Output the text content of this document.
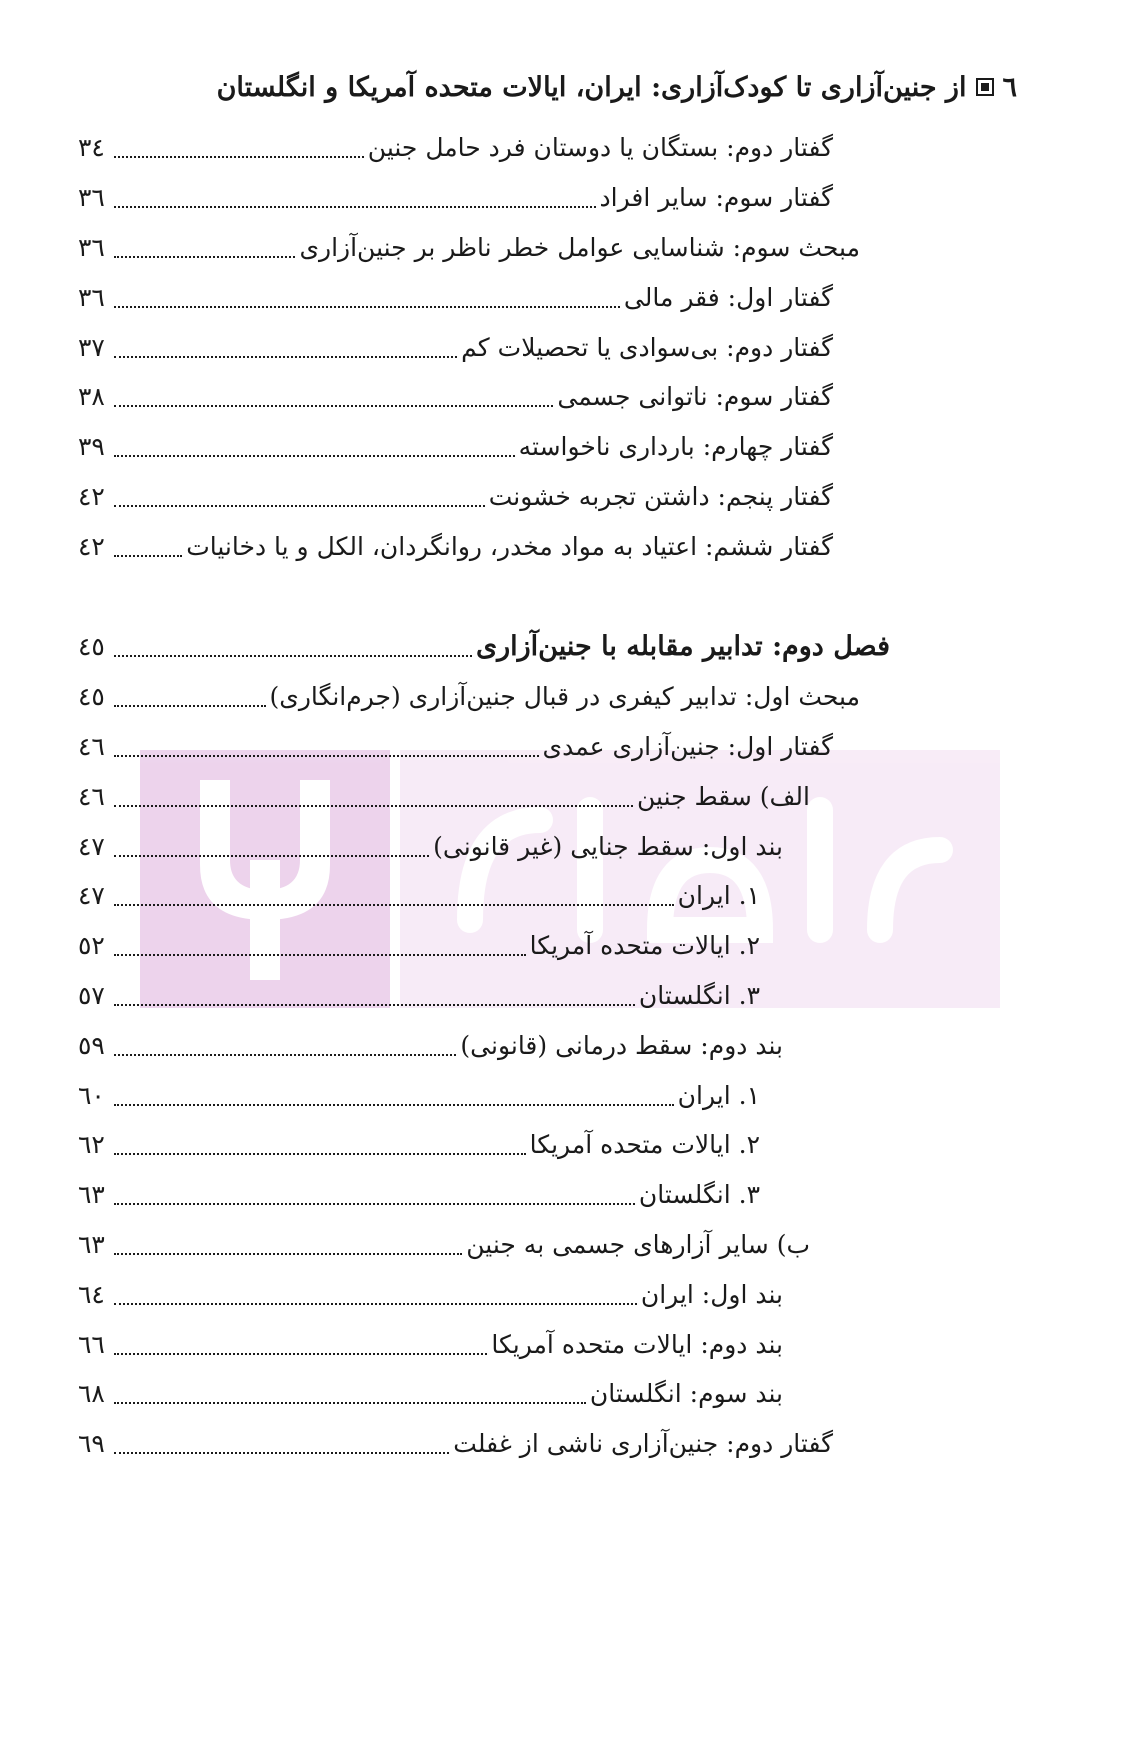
٦از جنین‌آزاری تا کودک‌آزاری: ایران، ایالات متحده آمریکا و انگلستان
گفتار دوم: بستگان یا دوستان فرد حامل جنین
٣٤
گفتار سوم: سایر افراد
٣٦
مبحث سوم: شناسایی عوامل خطر ناظر بر جنین‌آزاری
٣٦
گفتار اول: فقر مالی
٣٦
گفتار دوم: بی‌سوادی یا تحصیلات کم
٣٧
گفتار سوم: ناتوانی جسمی
٣٨
گفتار چهارم: بارداری ناخواسته
٣٩
گفتار پنجم: داشتن تجربه خشونت
٤٢
گفتار ششم: اعتیاد به مواد مخدر، روانگردان، الکل و یا دخانیات
٤٢
فصل دوم: تدابیر مقابله با جنین‌آزاری
٤٥
مبحث اول: تدابیر کیفری در قبال جنین‌آزاری (جرم‌انگاری)
٤٥
گفتار اول: جنین‌آزاری عمدی
٤٦
الف) سقط جنین
٤٦
بند اول: سقط جنایی (غیر قانونی)
٤٧
١. ایران
٤٧
٢. ایالات متحده آمریکا
٥٢
٣. انگلستان
٥٧
بند دوم: سقط درمانی (قانونی)
٥٩
١. ایران
٦٠
٢. ایالات متحده آمریکا
٦٢
٣. انگلستان
٦٣
ب) سایر آزارهای جسمی به جنین
٦٣
بند اول: ایران
٦٤
بند دوم: ایالات متحده آمریکا
٦٦
بند سوم: انگلستان
٦٨
گفتار دوم: جنین‌آزاری ناشی از غفلت
٦٩
